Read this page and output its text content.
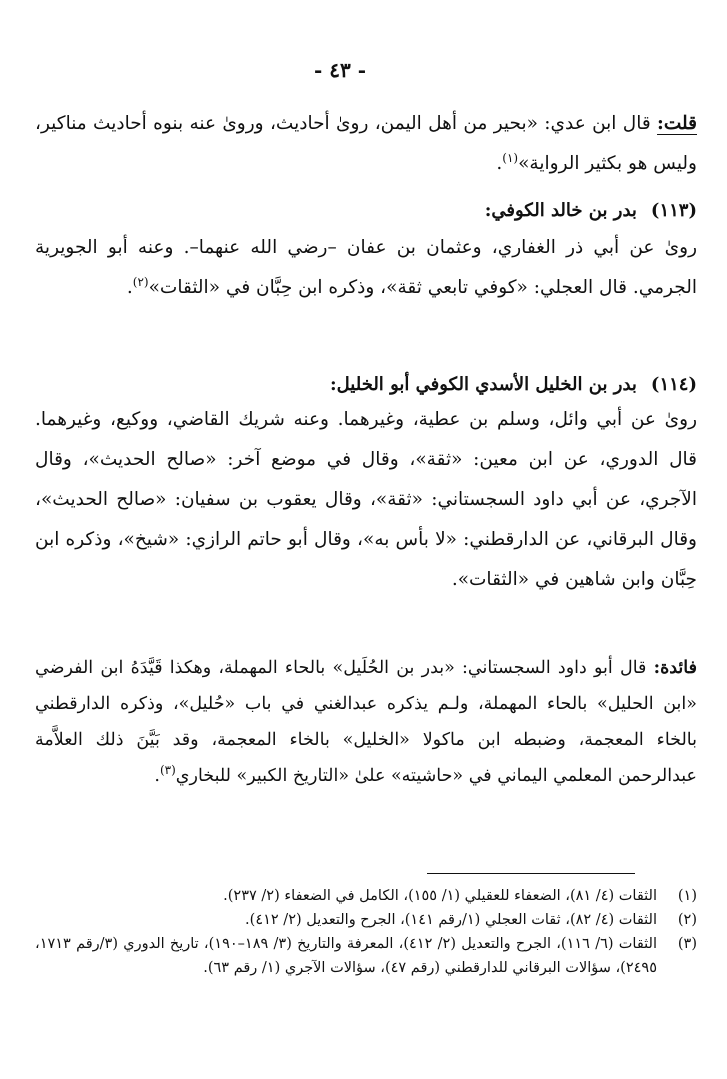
- ٤٣ -

قلت: قال ابن عدي: «بحير من أهل اليمن، روىٰ أحاديث، وروىٰ عنه بنوه أحاديث مناكير، وليس هو بكثير الرواية»$^{(١)}$.

(١١٣)بدر بن خالد الكوفي:

روىٰ عن أبي ذر الغفاري، وعثمان بن عفان –رضي الله عنهما–. وعنه أبو الجويرية الجرمي. قال العجلي: «كوفي تابعي ثقة»، وذكره ابن حِبَّان في «الثقات»$^{(٢)}$.

(١١٤)بدر بن الخليل الأسدي الكوفي أبو الخليل:

روىٰ عن أبي وائل، وسلم بن عطية، وغيرهما. وعنه شريك القاضي، ووكيع، وغيرهما. قال الدوري، عن ابن معين: «ثقة»، وقال في موضع آخر: «صالح الحديث»، وقال الآجري، عن أبي داود السجستاني: «ثقة»، وقال يعقوب بن سفيان: «صالح الحديث»، وقال البرقاني، عن الدارقطني: «لا بأس به»، وقال أبو حاتم الرازي: «شيخ»، وذكره ابن حِبَّان وابن شاهين في «الثقات».

فائدة: قال أبو داود السجستاني: «بدر بن الحُلَيل» بالحاء المهملة، وهكذا قَيَّدَهُ ابن الفرضي «ابن الحليل» بالحاء المهملة، ولـم يذكره عبدالغني في باب «حُليل»، وذكره الدارقطني بالخاء المعجمة، وضبطه ابن ماكولا «الخليل» بالخاء المعجمة، وقد بَيَّنَ ذلك العلاَّمة عبدالرحمن المعلمي اليماني في «حاشيته» علىٰ «التاريخ الكبير» للبخاري$^{(٣)}$.

(١)
الثقات (٤/ ٨١)، الضعفاء للعقيلي (١/ ١٥٥)، الكامل في الضعفاء (٢/ ٢٣٧).
(٢)
الثقات (٤/ ٨٢)، ثقات العجلي (١/رقم ١٤١)، الجرح والتعديل (٢/ ٤١٢).
(٣)
الثقات (٦/ ١١٦)، الجرح والتعديل (٢/ ٤١٢)، المعرفة والتاريخ (٣/ ١٨٩–١٩٠)، تاريخ الدوري (٣/رقم ١٧١٣، ٢٤٩٥)، سؤالات البرقاني للدارقطني (رقم ٤٧)، سؤالات الآجري (١/ رقم ٦٣).
